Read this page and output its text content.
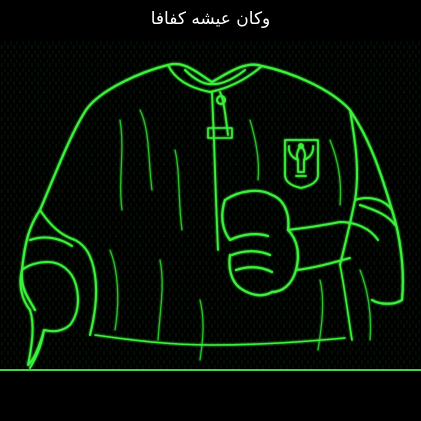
وكان عيشه كفافا
